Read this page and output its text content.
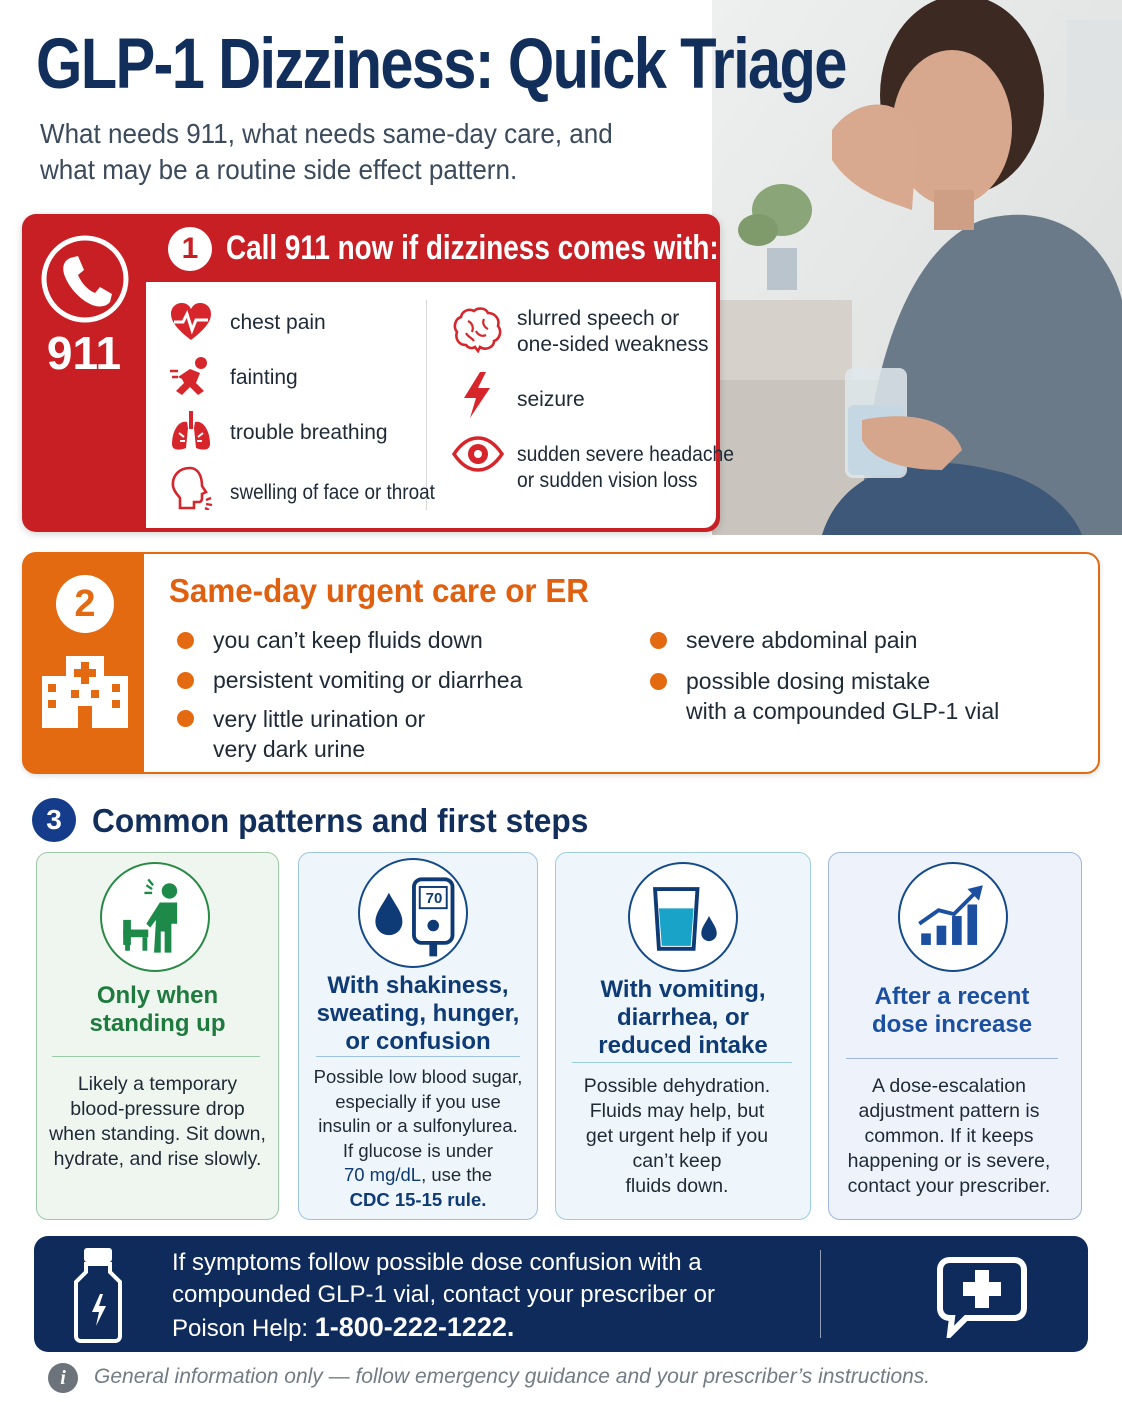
GLP-1 Dizziness: Quick Triage
What needs 911, what needs same-day care, and
what may be a routine side effect pattern.
911
1 Call 911 now if dizziness comes with:
chest pain
fainting
trouble breathing
swelling of face or throat
slurred speech or
one-sided weakness
seizure
sudden severe headache
or sudden vision loss
2	Same-day urgent care or ER
you can’t keep fluids down
persistent vomiting or diarrhea
very little urination or
very dark urine
severe abdominal pain
possible dosing mistake
with a compounded GLP-1 vial
3 Common patterns and first steps
Only when
standing up
Likely a temporary
blood-pressure drop
when standing. Sit down,
hydrate, and rise slowly.
70
With shakiness,
sweating, hunger,
or confusion
Possible low blood sugar,
especially if you use
insulin or a sulfonylurea.
If glucose is under
70 mg/dL, use the
CDC 15-15 rule.
With vomiting,
diarrhea, or
reduced intake
Possible dehydration.
Fluids may help, but
get urgent help if you
can’t keep
fluids down.
After a recent
dose increase
A dose-escalation
adjustment pattern is
common. If it keeps
happening or is severe,
contact your prescriber.
If symptoms follow possible dose confusion with a
compounded GLP-1 vial, contact your prescriber or
Poison Help: 1-800-222-1222.
i	General information only — follow emergency guidance and your prescriber’s instructions.
